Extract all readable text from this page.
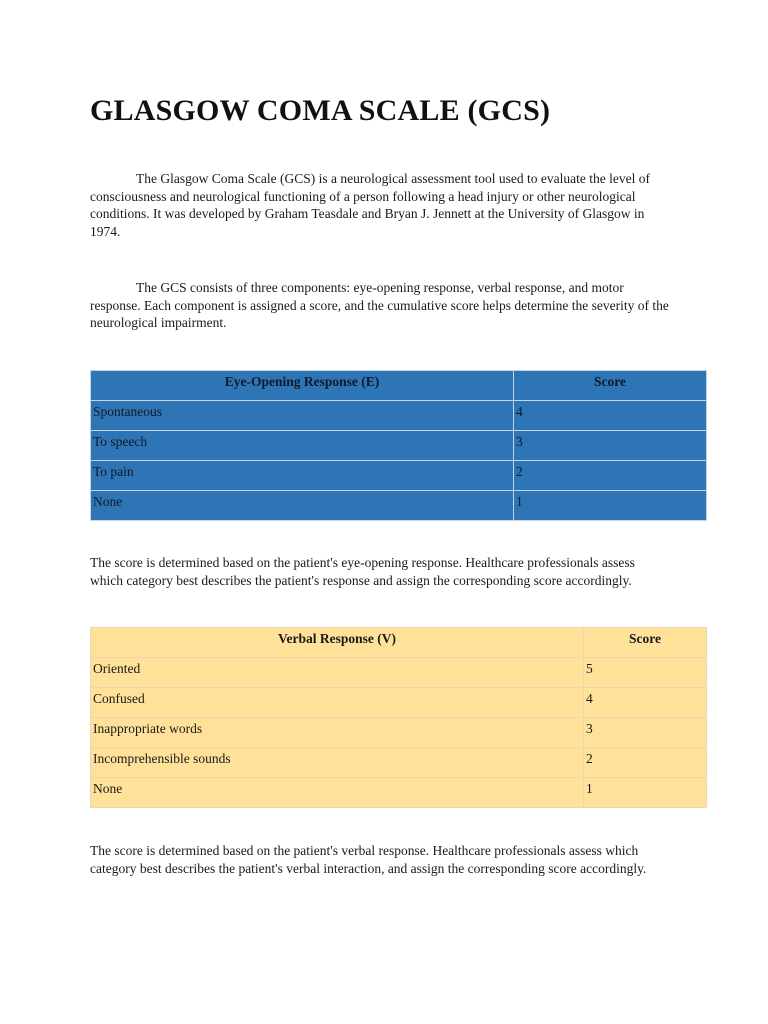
GLASGOW COMA SCALE (GCS)

The Glasgow Coma Scale (GCS) is a neurological assessment tool used to evaluate the level of consciousness and neurological functioning of a person following a head injury or other neurological conditions. It was developed by Graham Teasdale and Bryan J. Jennett at the University of Glasgow in 1974.

The GCS consists of three components: eye-opening response, verbal response, and motor response. Each component is assigned a score, and the cumulative score helps determine the severity of the neurological impairment.

Eye-Opening Response (E)	Score
Spontaneous	4
To speech	3
To pain	2
None	1

The score is determined based on the patient's eye-opening response. Healthcare professionals assess which category best describes the patient's response and assign the corresponding score accordingly.

Verbal Response (V)	Score
Oriented	5
Confused	4
Inappropriate words	3
Incomprehensible sounds	2
None	1

The score is determined based on the patient's verbal response. Healthcare professionals assess which category best describes the patient's verbal interaction, and assign the corresponding score accordingly.
